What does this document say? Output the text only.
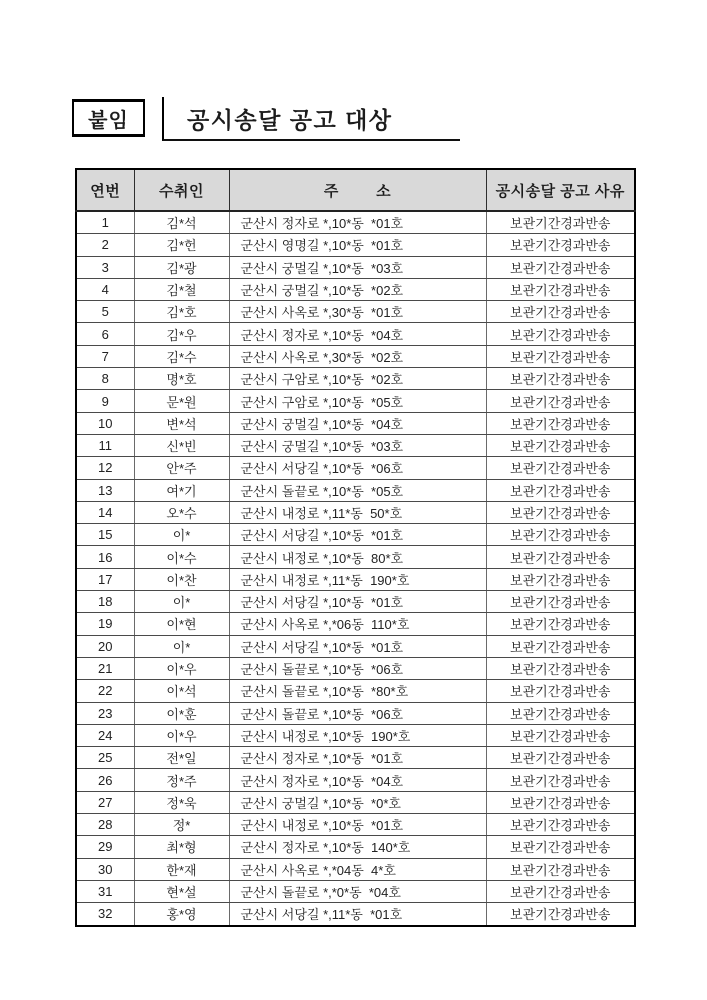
붙임	공시송달 공고 대상
연번	수취인	주        소	공시송달 공고 사유
1	김*석	군산시 정자로 *,10*동  *01호	보관기간경과반송
2	김*헌	군산시 영명길 *,10*동  *01호	보관기간경과반송
3	김*광	군산시 궁멀길 *,10*동  *03호	보관기간경과반송
4	김*철	군산시 궁멀길 *,10*동  *02호	보관기간경과반송
5	김*호	군산시 사옥로 *,30*동  *01호	보관기간경과반송
6	김*우	군산시 정자로 *,10*동  *04호	보관기간경과반송
7	김*수	군산시 사옥로 *,30*동  *02호	보관기간경과반송
8	명*호	군산시 구암로 *,10*동  *02호	보관기간경과반송
9	문*원	군산시 구암로 *,10*동  *05호	보관기간경과반송
10	변*석	군산시 궁멀길 *,10*동  *04호	보관기간경과반송
11	신*빈	군산시 궁멀길 *,10*동  *03호	보관기간경과반송
12	안*주	군산시 서당길 *,10*동  *06호	보관기간경과반송
13	여*기	군산시 돌끝로 *,10*동  *05호	보관기간경과반송
14	오*수	군산시 내정로 *,11*동  50*호	보관기간경과반송
15	이*	군산시 서당길 *,10*동  *01호	보관기간경과반송
16	이*수	군산시 내정로 *,10*동  80*호	보관기간경과반송
17	이*찬	군산시 내정로 *,11*동  190*호	보관기간경과반송
18	이*	군산시 서당길 *,10*동  *01호	보관기간경과반송
19	이*현	군산시 사옥로 *,*06동  110*호	보관기간경과반송
20	이*	군산시 서당길 *,10*동  *01호	보관기간경과반송
21	이*우	군산시 돌끝로 *,10*동  *06호	보관기간경과반송
22	이*석	군산시 돌끝로 *,10*동  *80*호	보관기간경과반송
23	이*훈	군산시 돌끝로 *,10*동  *06호	보관기간경과반송
24	이*우	군산시 내정로 *,10*동  190*호	보관기간경과반송
25	전*일	군산시 정자로 *,10*동  *01호	보관기간경과반송
26	정*주	군산시 정자로 *,10*동  *04호	보관기간경과반송
27	정*욱	군산시 궁멀길 *,10*동  *0*호	보관기간경과반송
28	정*	군산시 내정로 *,10*동  *01호	보관기간경과반송
29	최*형	군산시 정자로 *,10*동  140*호	보관기간경과반송
30	한*재	군산시 사옥로 *,*04동  4*호	보관기간경과반송
31	현*설	군산시 돌끝로 *,*0*동  *04호	보관기간경과반송
32	홍*영	군산시 서당길 *,11*동  *01호	보관기간경과반송
